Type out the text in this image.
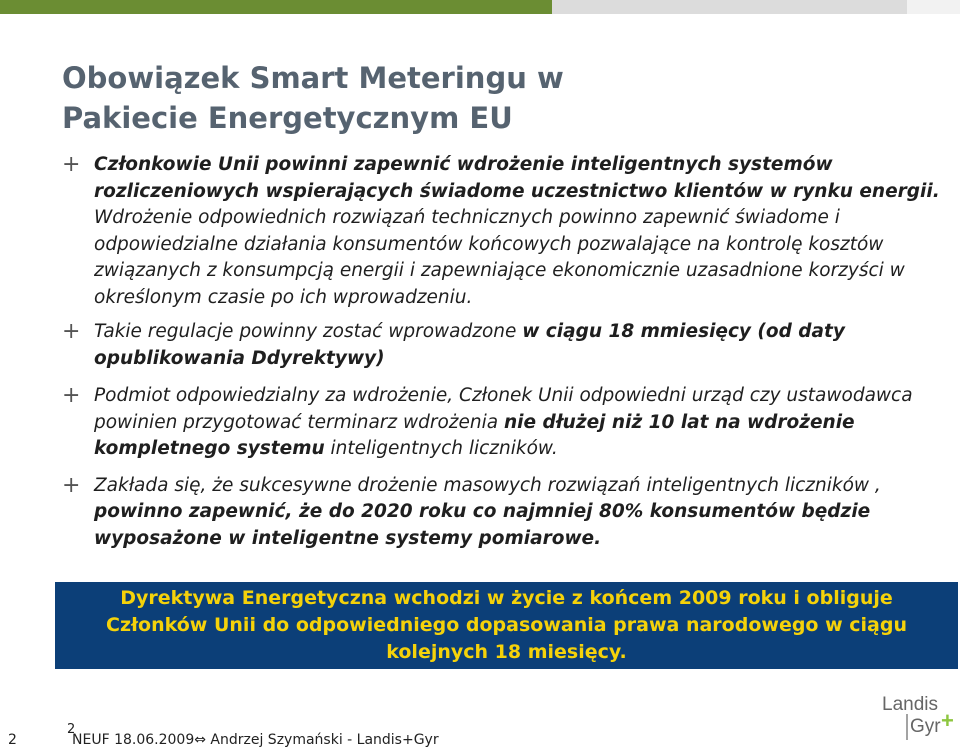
Obowiązek Smart Meteringu w
Pakiecie Energetycznym EU
+ Członkowie Unii powinni zapewnić wdrożenie inteligentnych systemów rozliczeniowych wspierających świadome uczestnictwo klientów w rynku energii. Wdrożenie odpowiednich rozwiązań technicznych powinno zapewnić świadome i odpowiedzialne działania konsumentów końcowych pozwalające na kontrolę kosztów związanych z konsumpcją energii i zapewniające ekonomicznie uzasadnione korzyści w określonym czasie po ich wprowadzeniu.
+ Takie regulacje powinny zostać wprowadzone w ciągu 18 mmiesięcy (od daty opublikowania Ddyrektywy)
+ Podmiot odpowiedzialny za wdrożenie, Członek Unii odpowiedni urząd czy ustawodawca powinien przygotować terminarz wdrożenia nie dłużej niż 10 lat na wdrożenie kompletnego systemu inteligentnych liczników.
+ Zakłada się, że sukcesywne drożenie masowych rozwiązań inteligentnych liczników , powinno zapewnić, że do 2020 roku co najmniej 80% konsumentów będzie wyposażone w inteligentne systemy pomiarowe.

Dyrektywa Energetyczna wchodzi w życie z końcem 2009 roku i obliguje Członków Unii do odpowiedniego dopasowania prawa narodowego w ciągu kolejnych 18 miesięcy.

2
2
NEUF 18.06.2009⇔ Andrzej Szymański - Landis+Gyr
Landis
Gyr +
